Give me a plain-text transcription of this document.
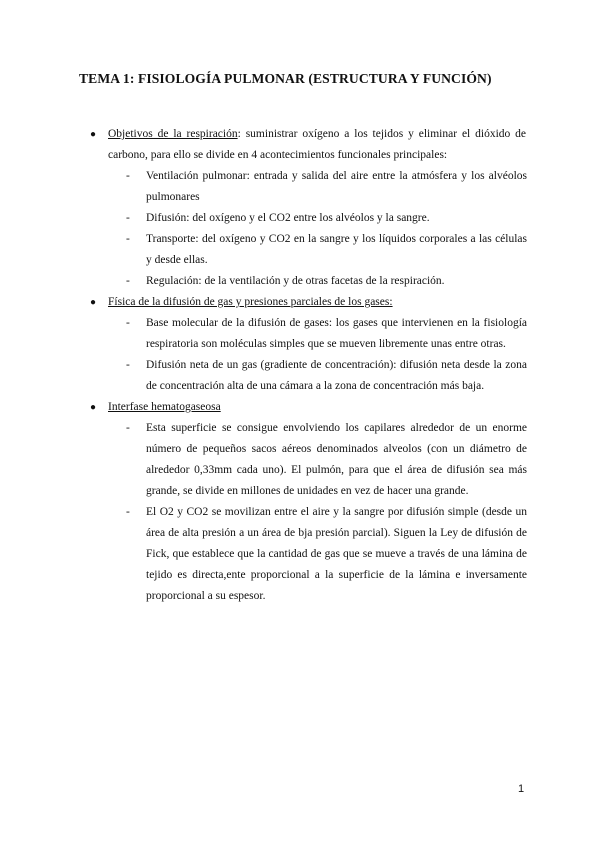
TEMA 1: FISIOLOGÍA PULMONAR (ESTRUCTURA Y FUNCIÓN)
● Objetivos de la respiración: suministrar oxígeno a los tejidos y eliminar el dióxido de carbono, para ello se divide en 4 acontecimientos funcionales principales:

- Ventilación pulmonar: entrada y salida del aire entre la atmósfera y los alvéolos pulmonares
- Difusión: del oxígeno y el CO2 entre los alvéolos y la sangre.
- Transporte: del oxígeno y CO2 en la sangre y los líquidos corporales a las células y desde ellas.
- Regulación: de la ventilación y de otras facetas de la respiración.
● Física de la difusión de gas y presiones parciales de los gases:

- Base molecular de la difusión de gases: los gases que intervienen en la fisiología respiratoria son moléculas simples que se mueven libremente unas entre otras.
- Difusión neta de un gas (gradiente de concentración): difusión neta desde la zona de concentración alta de una cámara a la zona de concentración más baja.
● Interfase hematogaseosa

- Esta superficie se consigue envolviendo los capilares alrededor de un enorme número de pequeños sacos aéreos denominados alveolos (con un diámetro de alrededor 0,33mm cada uno). El pulmón, para que el área de difusión sea más grande, se divide en millones de unidades en vez de hacer una grande.
- El O2 y CO2 se movilizan entre el aire y la sangre por difusión simple (desde un área de alta presión a un área de bja presión parcial). Siguen la Ley de difusión de Fick, que establece que la cantidad de gas que se mueve a través de una lámina de tejido es directa,ente proporcional a la superficie de la lámina e inversamente proporcional a su espesor.
1
